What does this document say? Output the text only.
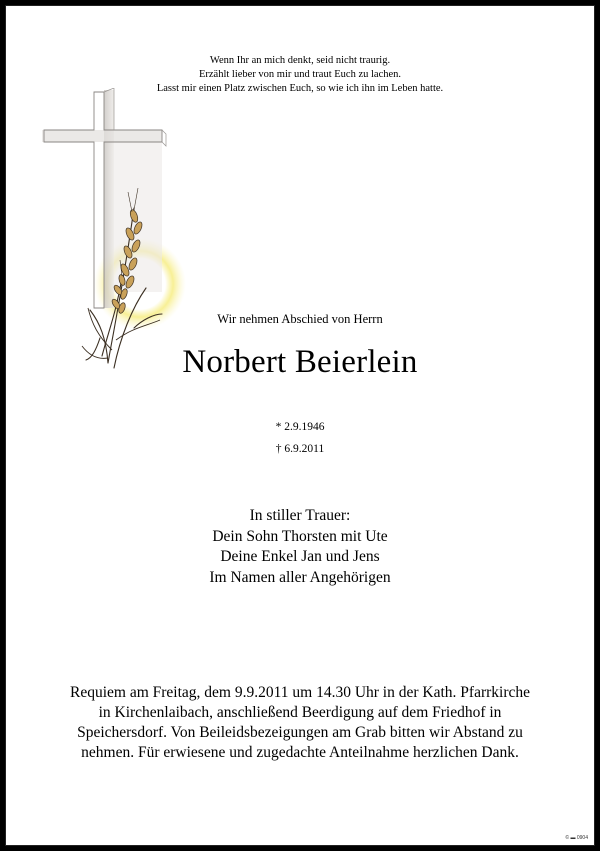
Wenn Ihr an mich denkt, seid nicht traurig.
Erzählt lieber von mir und traut Euch zu lachen.
Lasst mir einen Platz zwischen Euch, so wie ich ihn im Leben hatte.
Wir nehmen Abschied von Herrn
Norbert Beierlein
* 2.9.1946
† 6.9.2011
In stiller Trauer:
Dein Sohn Thorsten mit Ute
Deine Enkel Jan und Jens
Im Namen aller Angehörigen
Requiem am Freitag, dem 9.9.2011 um 14.30 Uhr in der Kath. Pfarrkirche
in Kirchenlaibach, anschließend Beerdigung auf dem Friedhof in
Speichersdorf. Von Beileidsbezeigungen am Grab bitten wir Abstand zu
nehmen. Für erwiesene und zugedachte Anteilnahme herzlichen Dank.
© ▬ 0904
